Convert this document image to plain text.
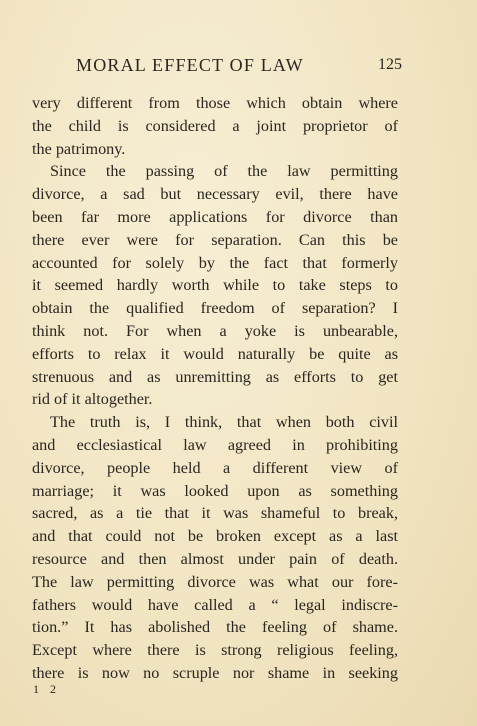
MORAL EFFECT OF LAW	125
very different from those which obtain where
the child is considered a joint proprietor of
the patrimony.
Since the passing of the law permitting
divorce, a sad but necessary evil, there have
been far more applications for divorce than
there ever were for separation. Can this be
accounted for solely by the fact that formerly
it seemed hardly worth while to take steps to
obtain the qualified freedom of separation? I
think not. For when a yoke is unbearable,
efforts to relax it would naturally be quite as
strenuous and as unremitting as efforts to get
rid of it altogether.
The truth is, I think, that when both civil
and ecclesiastical law agreed in prohibiting
divorce, people held a different view of
marriage; it was looked upon as something
sacred, as a tie that it was shameful to break,
and that could not be broken except as a last
resource and then almost under pain of death.
The law permitting divorce was what our fore-
fathers would have called a “ legal indiscre-
tion.” It has abolished the feeling of shame.
Except where there is strong religious feeling,
there is now no scruple nor shame in seeking
1 2
